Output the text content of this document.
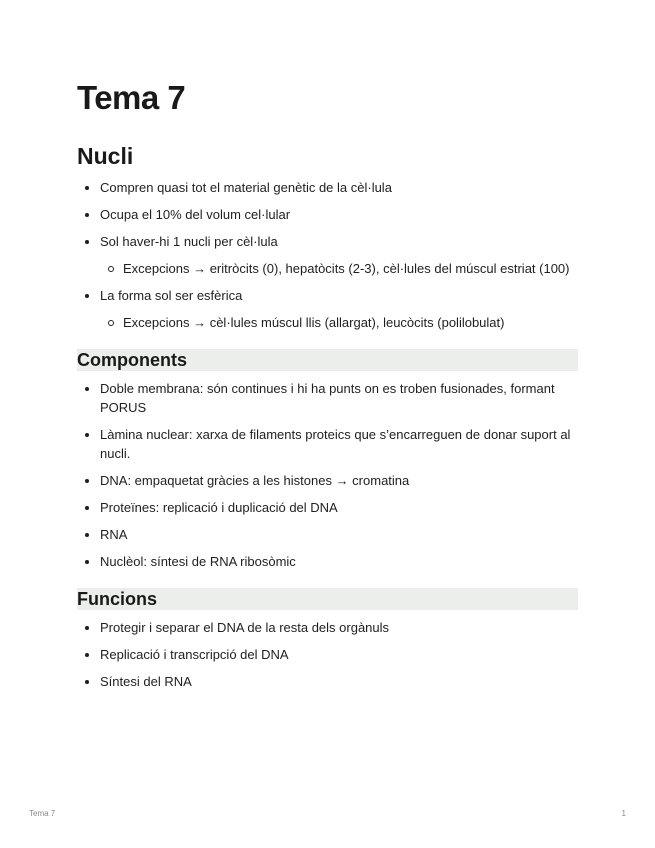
Tema 7
Nucli
Compren quasi tot el material genètic de la cèl·lula
Ocupa el 10% del volum cel·lular
Sol haver-hi 1 nucli per cèl·lula
Excepcions → eritròcits (0), hepatòcits (2-3), cèl·lules del múscul estriat (100)
La forma sol ser esfèrica
Excepcions → cèl·lules múscul llis (allargat), leucòcits (polilobulat)
Components
Doble membrana: són continues i hi ha punts on es troben fusionades, formant PORUS
Làmina nuclear: xarxa de filaments proteics que s’encarreguen de donar suport al nucli.
DNA: empaquetat gràcies a les histones → cromatina
Proteïnes: replicació i duplicació del DNA
RNA
Nuclèol: síntesi de RNA ribosòmic
Funcions
Protegir i separar el DNA de la resta dels orgànuls
Replicació i transcripció del DNA
Síntesi del RNA
Tema 7	1
